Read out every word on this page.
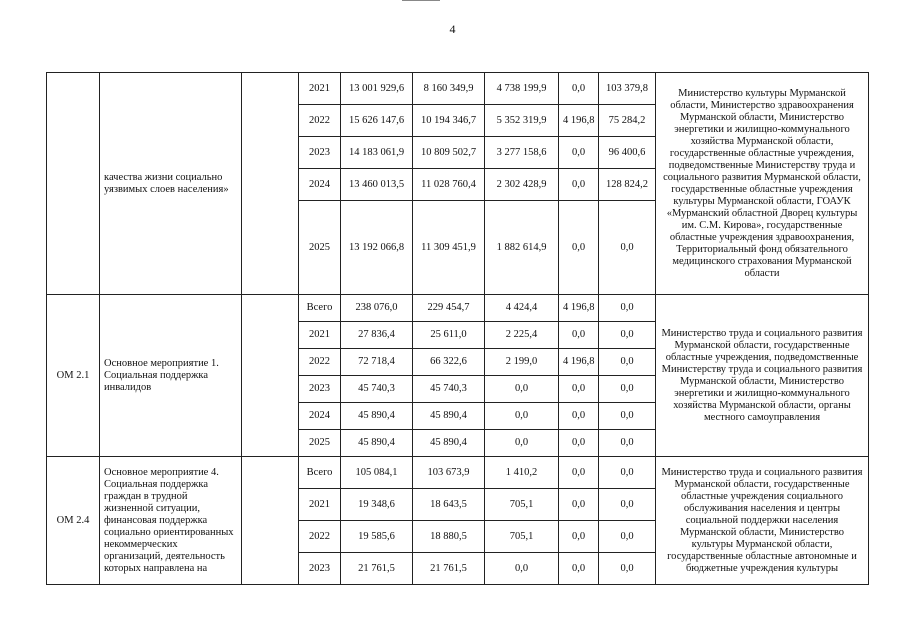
4
	качества жизни социально уязвимых слоев населения»		2021	13 001 929,6	8 160 349,9	4 738 199,9	0,0	103 379,8	Министерство культуры Мурманской области, Министерство здравоохранения Мурманской области, Министерство энергетики и жилищно-коммунального хозяйства Мурманской области, государственные областные учреждения, подведомственные Министерству труда и социального развития Мурманской области, государственные областные учреждения культуры Мурманской области, ГОАУК «Мурманский областной Дворец культуры им. С.М. Кирова», государственные областные учреждения здравоохранения, Территориальный фонд обязательного медицинского страхования Мурманской области
			2022	15 626 147,6	10 194 346,7	5 352 319,9	4 196,8	75 284,2	
			2023	14 183 061,9	10 809 502,7	3 277 158,6	0,0	96 400,6	
			2024	13 460 013,5	11 028 760,4	2 302 428,9	0,0	128 824,2	
			2025	13 192 066,8	11 309 451,9	1 882 614,9	0,0	0,0	
ОМ 2.1	Основное мероприятие 1. Социальная поддержка инвалидов		Всего	238 076,0	229 454,7	4 424,4	4 196,8	0,0	Министерство труда и социального развития Мурманской области, государственные областные учреждения, подведомственные Министерству труда и социального развития Мурманской области, Министерство энергетики и жилищно-коммунального хозяйства Мурманской области, органы местного самоуправления
			2021	27 836,4	25 611,0	2 225,4	0,0	0,0	
			2022	72 718,4	66 322,6	2 199,0	4 196,8	0,0	
			2023	45 740,3	45 740,3	0,0	0,0	0,0	
			2024	45 890,4	45 890,4	0,0	0,0	0,0	
			2025	45 890,4	45 890,4	0,0	0,0	0,0	
ОМ 2.4	Основное мероприятие 4. Социальная поддержка граждан в трудной жизненной ситуации, финансовая поддержка социально ориентированных некоммерческих организаций, деятельность которых направлена на		Всего	105 084,1	103 673,9	1 410,2	0,0	0,0	Министерство труда и социального развития Мурманской области, государственные областные учреждения социального обслуживания населения и центры социальной поддержки населения Мурманской области, Министерство культуры Мурманской области, государственные областные автономные и бюджетные учреждения культуры
			2021	19 348,6	18 643,5	705,1	0,0	0,0	
			2022	19 585,6	18 880,5	705,1	0,0	0,0	
			2023	21 761,5	21 761,5	0,0	0,0	0,0	
